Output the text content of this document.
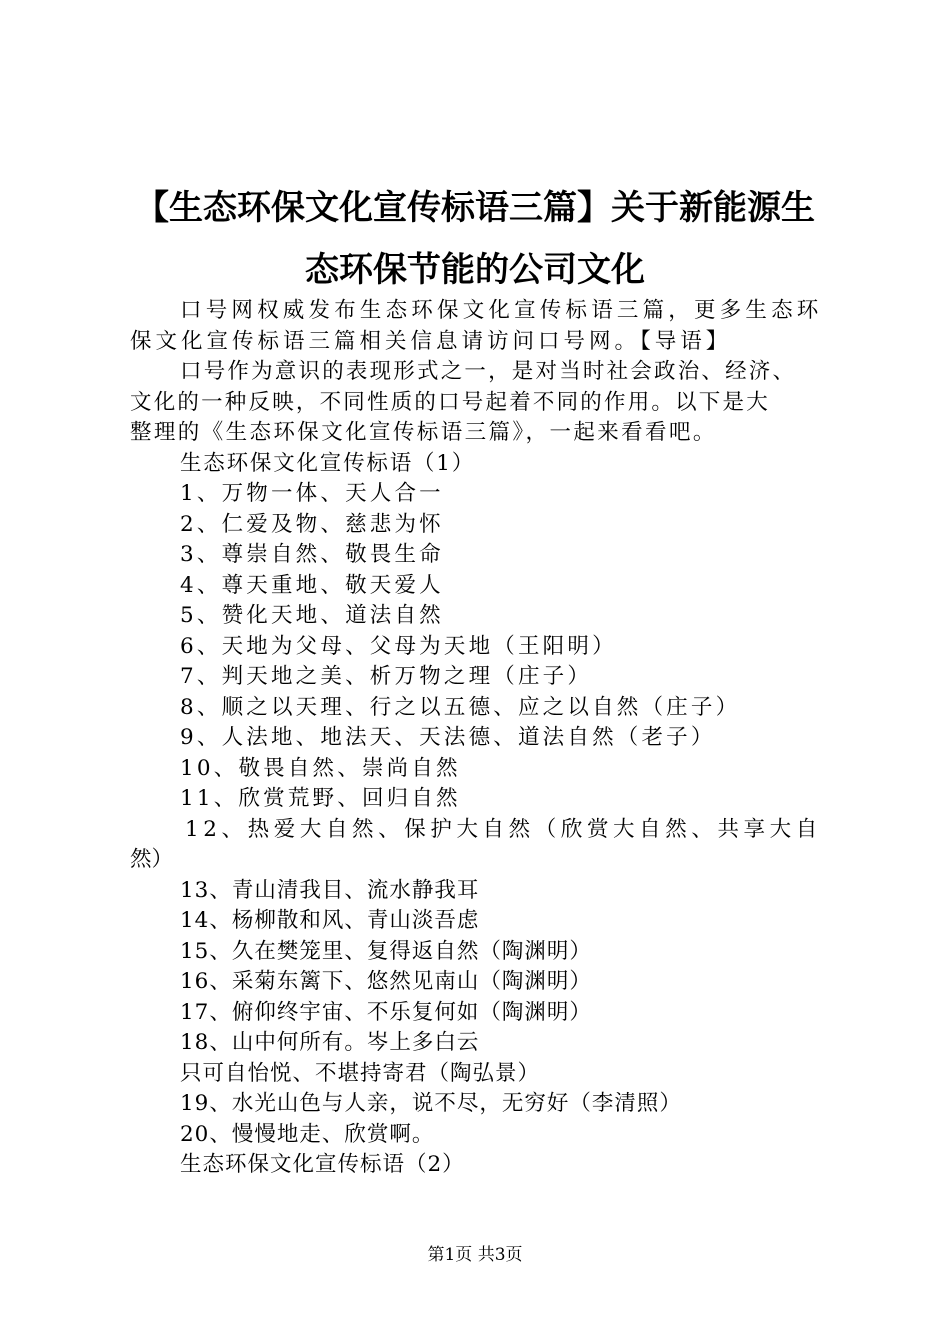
【生态环保文化宣传标语三篇】关于新能源生
态环保节能的公司文化
口号网权威发布生态环保文化宣传标语三篇，更多生态环
保文化宣传标语三篇相关信息请访问口号网。【导语】
口号作为意识的表现形式之一，是对当时社会政治、经济、
文化的一种反映，不同性质的口号起着不同的作用。以下是大
整理的《生态环保文化宣传标语三篇》，一起来看看吧。
生态环保文化宣传标语（1）
1、万物一体、天人合一
2、仁爱及物、慈悲为怀
3、尊崇自然、敬畏生命
4、尊天重地、敬天爱人
5、赞化天地、道法自然
6、天地为父母、父母为天地（王阳明）
7、判天地之美、析万物之理（庄子）
8、顺之以天理、行之以五德、应之以自然（庄子）
9、人法地、地法天、天法德、道法自然（老子）
10、敬畏自然、崇尚自然
11、欣赏荒野、回归自然
12、热爱大自然、保护大自然（欣赏大自然、共享大自
然）
13、青山清我目、流水静我耳
14、杨柳散和风、青山淡吾虑
15、久在樊笼里、复得返自然（陶渊明）
16、采菊东篱下、悠然见南山（陶渊明）
17、俯仰终宇宙、不乐复何如（陶渊明）
18、山中何所有。岑上多白云
只可自怡悦、不堪持寄君（陶弘景）
19、水光山色与人亲，说不尽，无穷好（李清照）
20、慢慢地走、欣赏啊。
生态环保文化宣传标语（2）
第1页 共3页
